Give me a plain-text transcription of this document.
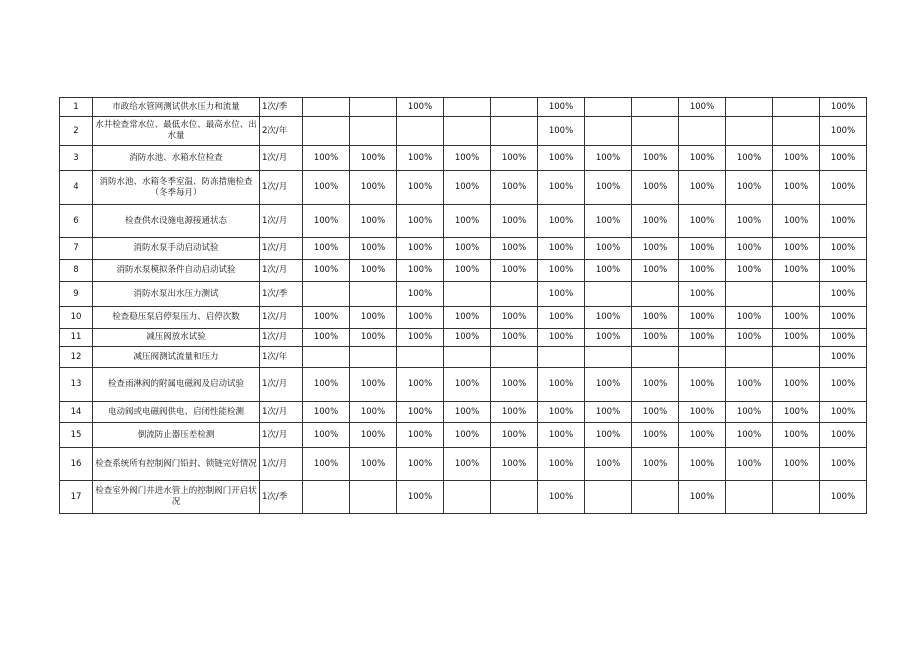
1	市政给水管网测试供水压力和流量	1次/季			100%			100%			100%			100%
2	水井检查常水位、最低水位、最高水位、出水量	2次/年						100%						100%
3	消防水池、水箱水位检查	1次/月	100%	100%	100%	100%	100%	100%	100%	100%	100%	100%	100%	100%
4	消防水池、水箱冬季室温、防冻措施检查（冬季每月）	1次/月	100%	100%	100%	100%	100%	100%	100%	100%	100%	100%	100%	100%
6	检查供水设施电源接通状态	1次/月	100%	100%	100%	100%	100%	100%	100%	100%	100%	100%	100%	100%
7	消防水泵手动启动试验	1次/月	100%	100%	100%	100%	100%	100%	100%	100%	100%	100%	100%	100%
8	消防水泵模拟条件自动启动试验	1次/月	100%	100%	100%	100%	100%	100%	100%	100%	100%	100%	100%	100%
9	消防水泵出水压力测试	1次/季			100%			100%			100%			100%
10	检查稳压泵启停泵压力、启停次数	1次/月	100%	100%	100%	100%	100%	100%	100%	100%	100%	100%	100%	100%
11	减压阀放水试验	1次/月	100%	100%	100%	100%	100%	100%	100%	100%	100%	100%	100%	100%
12	减压阀测试流量和压力	1次/年												100%
13	检查雨淋阀的附属电磁阀及启动试验	1次/月	100%	100%	100%	100%	100%	100%	100%	100%	100%	100%	100%	100%
14	电动阀或电磁阀供电、启闭性能检测	1次/月	100%	100%	100%	100%	100%	100%	100%	100%	100%	100%	100%	100%
15	倒流防止器压差检测	1次/月	100%	100%	100%	100%	100%	100%	100%	100%	100%	100%	100%	100%
16	检查系统所有控制阀门铅封、锁链完好情况	1次/月	100%	100%	100%	100%	100%	100%	100%	100%	100%	100%	100%	100%
17	检查室外阀门井进水管上的控制阀门开启状况	1次/季			100%			100%			100%			100%
